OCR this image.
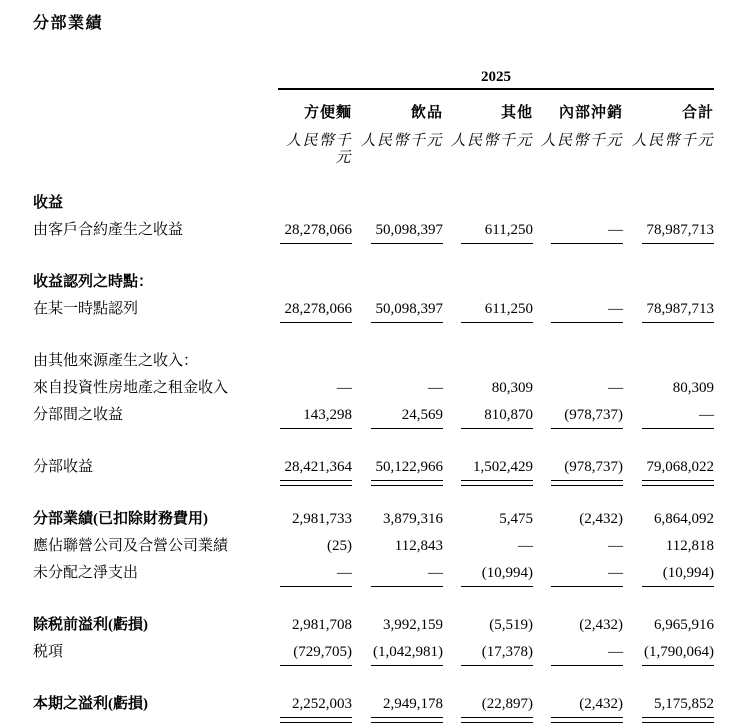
分部業績
2025
方便麵	飲品	其他	內部沖銷	合計
人民幣千元
人民幣千元 人民幣千元 人民幣千元 人民幣千元
收益
由客戶合約產生之收益	28,278,066	50,098,397	611,250	—	78,987,713
收益認列之時點：
在某一時點認列	28,278,066	50,098,397	611,250	—	78,987,713
由其他來源產生之收入：
來自投資性房地產之租金收入	—	—	80,309	—	80,309
分部間之收益	143,298	24,569	810,870	(978,737)	—
分部收益	28,421,364	50,122,966	1,502,429	(978,737)	79,068,022
分部業績(已扣除財務費用)	2,981,733	3,879,316	5,475	(2,432)	6,864,092
應佔聯營公司及合營公司業績	(25)	112,843	—	—	112,818
未分配之淨支出	—	—	(10,994)	—	(10,994)
除税前溢利(虧損)	2,981,708	3,992,159	(5,519)	(2,432)	6,965,916
税項	(729,705)	(1,042,981)	(17,378)	—	(1,790,064)
本期之溢利(虧損)	2,252,003	2,949,178	(22,897)	(2,432)	5,175,852
